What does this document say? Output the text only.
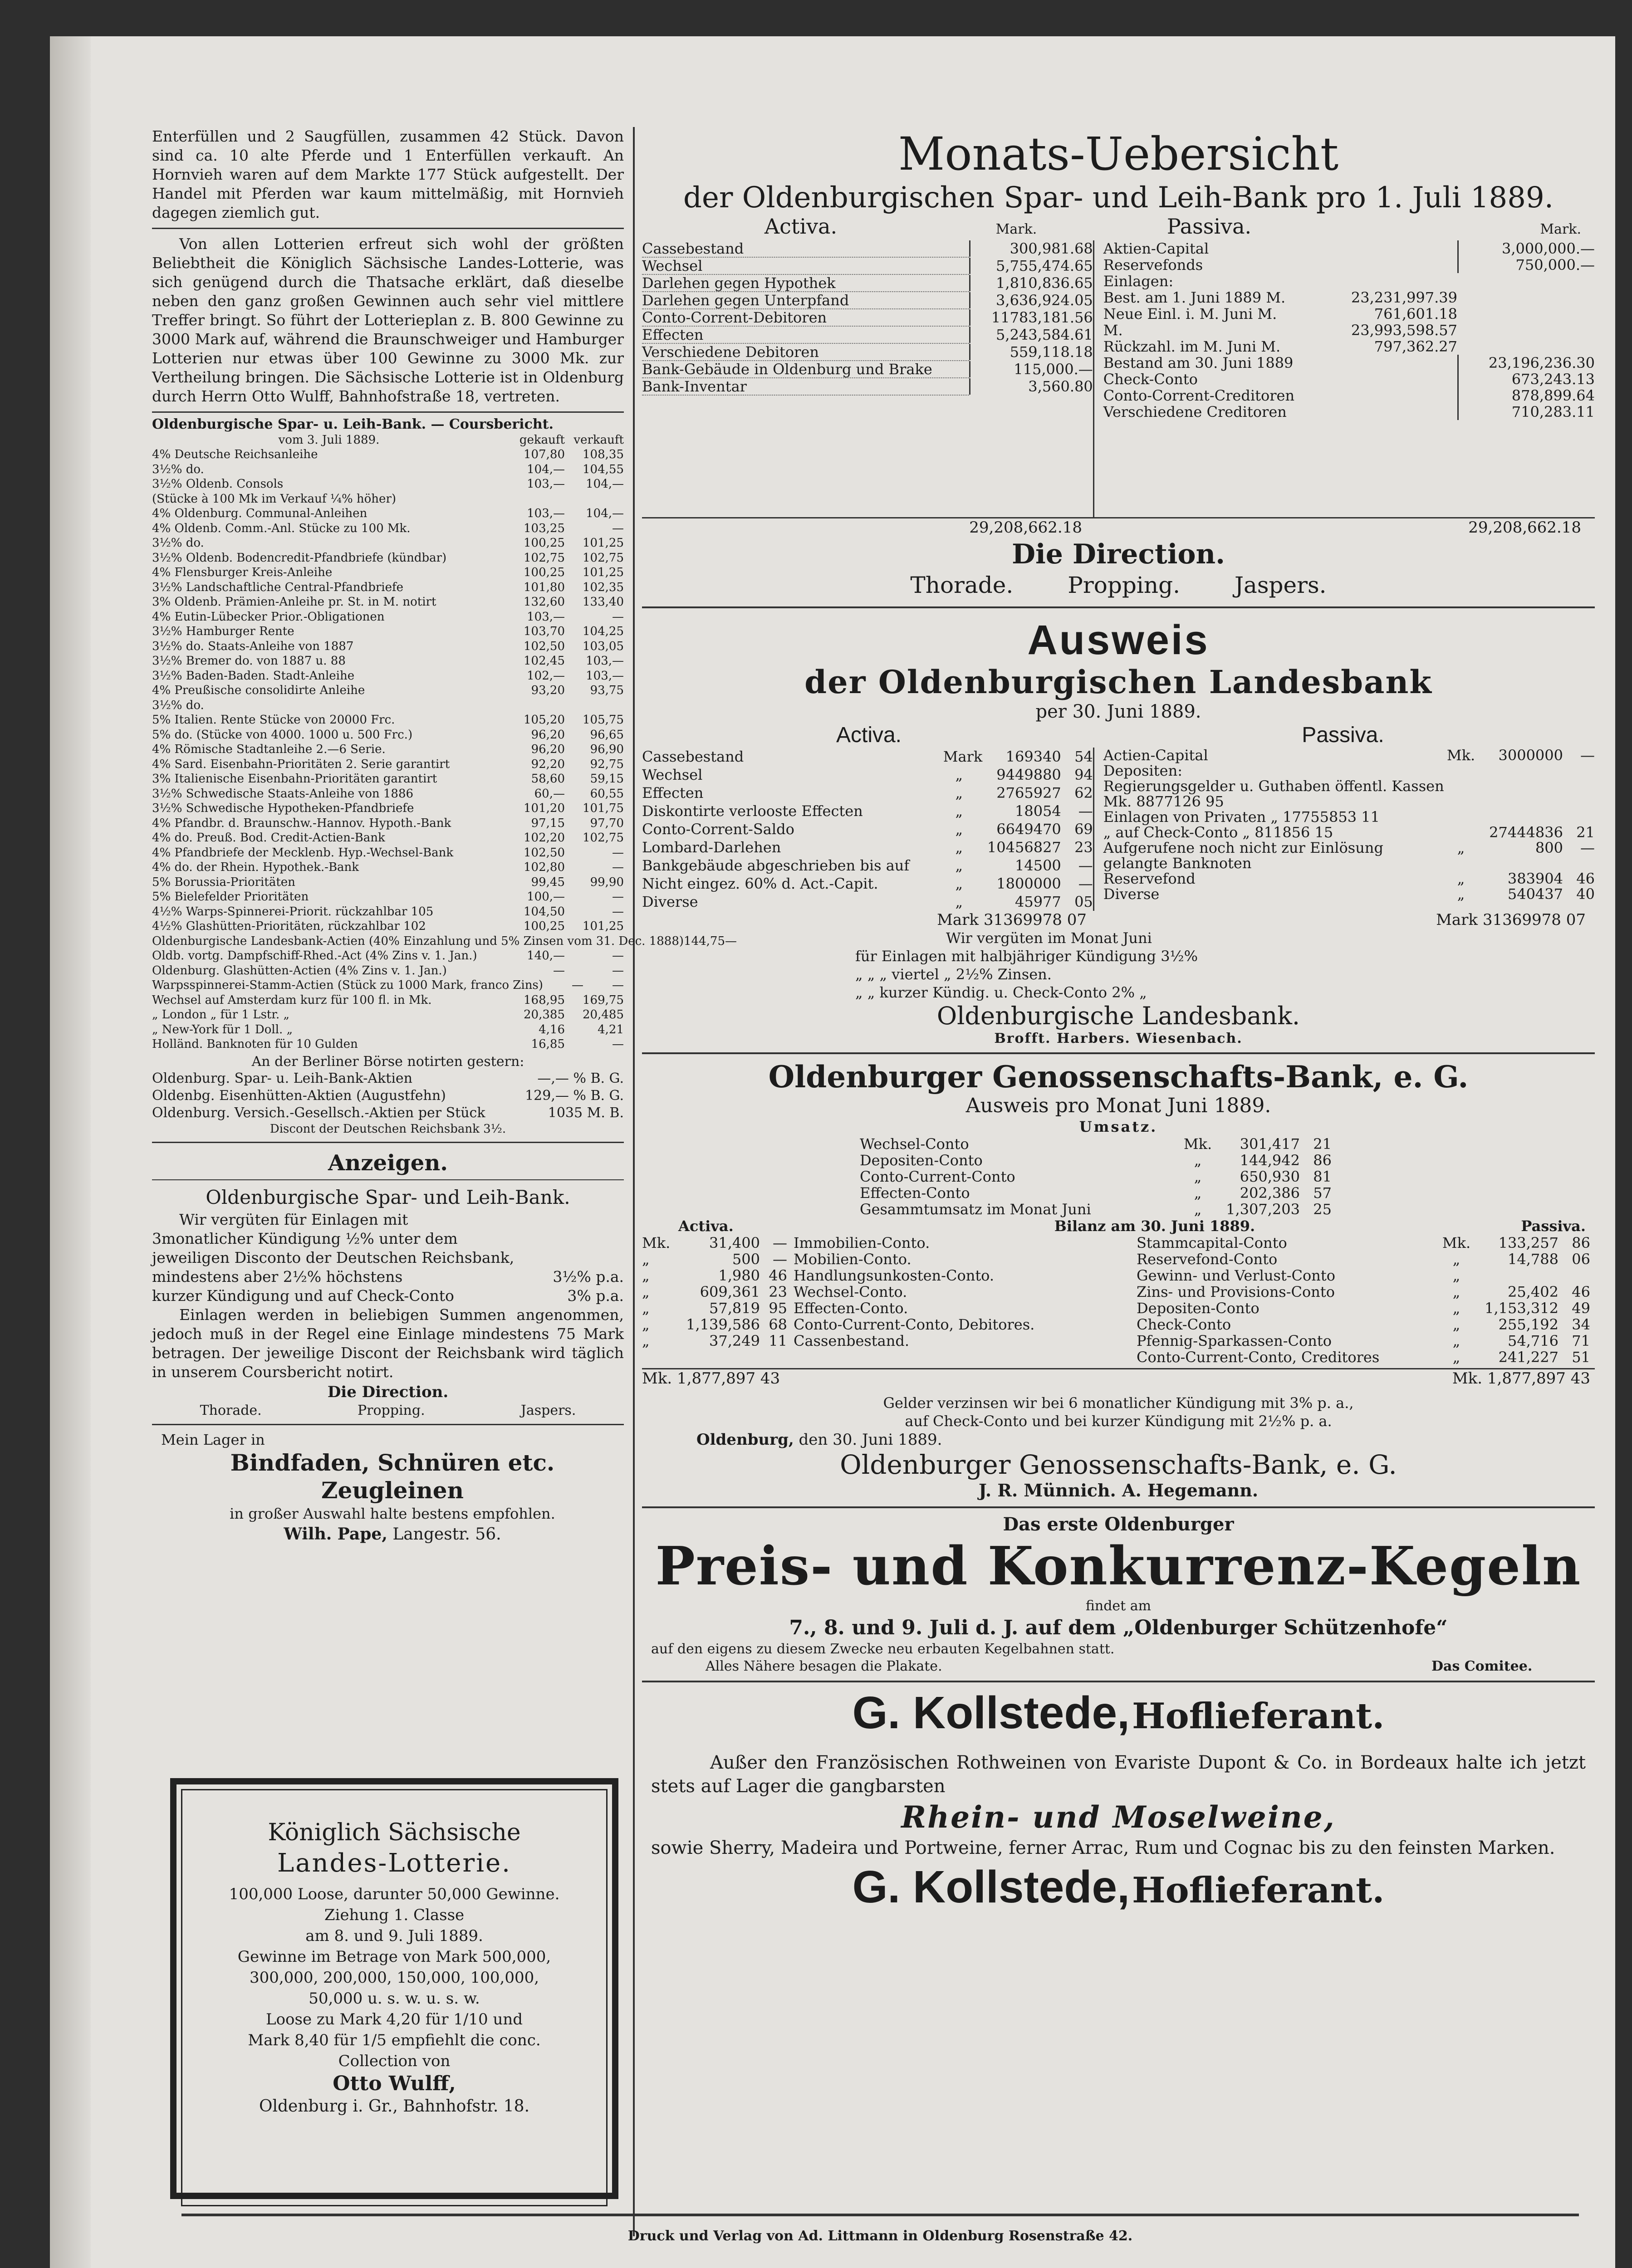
Enterfüllen und 2 Saugfüllen, zusammen 42 Stück. Davon sind ca. 10 alte Pferde und 1 Enterfüllen verkauft. An Hornvieh waren auf dem Markte 177 Stück aufgestellt. Der Handel mit Pferden war kaum mittelmäßig, mit Hornvieh dagegen ziemlich gut.

Von allen Lotterien erfreut sich wohl der größten Beliebtheit die Königlich Sächsische Landes-Lotterie, was sich genügend durch die Thatsache erklärt, daß dieselbe neben den ganz großen Gewinnen auch sehr viel mittlere Treffer bringt. So führt der Lotterieplan z. B. 800 Gewinne zu 3000 Mark auf, während die Braunschweiger und Hamburger Lotterien nur etwas über 100 Gewinne zu 3000 Mk. zur Vertheilung bringen. Die Sächsische Lotterie ist in Oldenburg durch Herrn Otto Wulff, Bahnhofstraße 18, vertreten.

Oldenburgische Spar- u. Leih-Bank. — Coursbericht.
vom 3. Juli 1889.	gekauft verkauft
4% Deutsche Reichsanleihe	107,80	108,35
3½% do.	104,—	104,55
3½% Oldenb. Consols	103,—	104,—
(Stücke à 100 Mk im Verkauf ¼% höher)
4% Oldenburg. Communal-Anleihen	103,—	104,—
4% Oldenb. Comm.-Anl. Stücke zu 100 Mk.	103,25	—
3½% do.	100,25	101,25
3½% Oldenb. Bodencredit-Pfandbriefe (kündbar)	102,75	102,75
4% Flensburger Kreis-Anleihe	100,25	101,25
3½% Landschaftliche Central-Pfandbriefe	101,80	102,35
3% Oldenb. Prämien-Anleihe pr. St. in M. notirt	132,60	133,40
4% Eutin-Lübecker Prior.-Obligationen	103,—	—
3½% Hamburger Rente	103,70	104,25
3½% do. Staats-Anleihe von 1887	102,50	103,05
3½% Bremer do. von 1887 u. 88	102,45	103,—
3½% Baden-Baden. Stadt-Anleihe	102,—	103,—
4% Preußische consolidirte Anleihe	93,20	93,75
3½% do.
5% Italien. Rente Stücke von 20000 Frc.	105,20	105,75
5% do. (Stücke von 4000. 1000 u. 500 Frc.)	96,20	96,65
4% Römische Stadtanleihe 2.—6 Serie.	96,20	96,90
4% Sard. Eisenbahn-Prioritäten 2. Serie garantirt	92,20	92,75
3% Italienische Eisenbahn-Prioritäten garantirt	58,60	59,15
3½% Schwedische Staats-Anleihe von 1886	60,—	60,55
3½% Schwedische Hypotheken-Pfandbriefe	101,20	101,75
4% Pfandbr. d. Braunschw.-Hannov. Hypoth.-Bank	97,15	97,70
4% do. Preuß. Bod. Credit-Actien-Bank	102,20	102,75
4% Pfandbriefe der Mecklenb. Hyp.-Wechsel-Bank	102,50	—
4% do. der Rhein. Hypothek.-Bank	102,80	—
5% Borussia-Prioritäten	99,45	99,90
5% Bielefelder Prioritäten	100,—	—
4½% Warps-Spinnerei-Priorit. rückzahlbar 105	104,50	—
4½% Glashütten-Prioritäten, rückzahlbar 102	100,25	101,25
Oldenburgische Landesbank-Actien (40% Einzahlung und 5% Zinsen vom 31. Dec. 1888) 144,75 —
Oldb. vortg. Dampfschiff-Rhed.-Act (4% Zins v. 1. Jan.)	140,—	—
Oldenburg. Glashütten-Actien (4% Zins v. 1. Jan.)	—	—
Warpsspinnerei-Stamm-Actien (Stück zu 1000 Mark, franco Zins)	—	—
Wechsel auf Amsterdam kurz für 100 fl. in Mk.	168,95	169,75
„ London „ für 1 Lstr. „	20,385	20,485
„ New-York für 1 Doll. „	4,16	4,21
Holländ. Banknoten für 10 Gulden	16,85	—
An der Berliner Börse notirten gestern:
Oldenburg. Spar- u. Leih-Bank-Aktien	—,— % B. G.
Oldenbg. Eisenhütten-Aktien (Augustfehn)	129,— % B. G.
Oldenburg. Versich.-Gesellsch.-Aktien per Stück	1035 M. B.
Discont der Deutschen Reichsbank 3½.
Anzeigen.
Oldenburgische Spar- und Leih-Bank.
Wir vergüten für Einlagen mit
3monatlicher Kündigung ½% unter dem jeweiligen Disconto der Deutschen Reichsbank, mindestens aber 2½% höchstens	3½% p.a.
kurzer Kündigung und auf Check-Conto	3% p.a.

Einlagen werden in beliebigen Summen angenommen, jedoch muß in der Regel eine Einlage mindestens 75 Mark betragen. Der jeweilige Discont der Reichsbank wird täglich in unserem Coursbericht notirt.

Die Direction.
Thorade.	Propping.	Jaspers.
Mein Lager in
Bindfaden, Schnüren etc.
Zeugleinen
in großer Auswahl halte bestens empfohlen.
Wilh. Pape, Langestr. 56.
Königlich Sächsische
Landes-Lotterie.
100,000 Loose, darunter 50,000 Gewinne.
Ziehung 1. Classe
am 8. und 9. Juli 1889.
Gewinne im Betrage von Mark 500,000,
300,000, 200,000, 150,000, 100,000,
50,000 u. s. w. u. s. w.
Loose zu Mark 4,20 für 1/10 und
Mark 8,40 für 1/5 empfiehlt die conc.
Collection von
Otto Wulff,
Oldenburg i. Gr., Bahnhofstr. 18.
Monats-Uebersicht
der Oldenburgischen Spar- und Leih-Bank pro 1. Juli 1889.
Activa.	Mark.	Passiva.	Mark.
Cassebestand	300,981.68
Wechsel	5,755,474.65
Darlehen gegen Hypothek	1,810,836.65
Darlehen gegen Unterpfand	3,636,924.05
Conto-Corrent-Debitoren	11783,181.56
Effecten	5,243,584.61
Verschiedene Debitoren	559,118.18
Bank-Gebäude in Oldenburg und Brake	115,000.—
Bank-Inventar	3,560.80
Aktien-Capital	3,000,000.—
Reservefonds	750,000.—
Einlagen:
Best. am 1. Juni 1889 M.	23,231,997.39
Neue Einl. i. M. Juni M.	761,601.18
M.	23,993,598.57
Rückzahl. im M. Juni M.	797,362.27
Bestand am 30. Juni 1889	23,196,236.30
Check-Conto	673,243.13
Conto-Corrent-Creditoren	878,899.64
Verschiedene Creditoren	710,283.11
29,208,662.18	29,208,662.18
Die Direction.
Thorade. Propping. Jaspers.
Ausweis
der Oldenburgischen Landesbank
per 30. Juni 1889.
Activa.	Passiva.
Cassebestand	Mark	169340 54
Wechsel	„	9449880 94
Effecten	„	2765927 62
Diskontirte verlooste Effecten	„	18054	—
Conto-Corrent-Saldo	„	6649470 69
Lombard-Darlehen	„	10456827 23
Bankgebäude abgeschrieben bis auf	„	14500	—
Nicht eingez. 60% d. Act.-Capit.	„	1800000	—
Diverse	„	45977 05
Actien-Capital	Mk.	3000000	—
Depositen:
Regierungsgelder u. Guthaben öffentl. Kassen Mk. 8877126 95
Einlagen von Privaten „ 17755853 11
„ auf Check-Conto „ 811856 15	27444836 21
Aufgerufene noch nicht zur Einlösung gelangte Banknoten
„	800	—
Reservefond	„	383904 46
Diverse	„	540437 40
Mark 31369978 07	Mark 31369978 07
Wir vergüten im Monat Juni
für Einlagen mit halbjähriger Kündigung 3½%
„ „ „ viertel „ 2½% Zinsen.
„ „ kurzer Kündig. u. Check-Conto 2% „
Oldenburgische Landesbank.
Brofft. Harbers. Wiesenbach.
Oldenburger Genossenschafts-Bank, e. G.
Ausweis pro Monat Juni 1889.
Umsatz.
Wechsel-Conto	Mk.	301,417 21
Depositen-Conto	„	144,942 86
Conto-Current-Conto	„	650,930 81
Effecten-Conto	„	202,386 57
Gesammtumsatz im Monat Juni	„	1,307,203 25
Activa.	Bilanz am 30. Juni 1889.	Passiva.
Mk.	31,400 — Immobilien-Conto.
„	500 — Mobilien-Conto.
„	1,980 46 Handlungsunkosten-Conto.
„	609,361 23 Wechsel-Conto.
„	57,819 95 Effecten-Conto.
„	1,139,586 68 Conto-Current-Conto, Debitores.
„	37,249 11 Cassenbestand.
Stammcapital-Conto	Mk.	133,257 86
Reservefond-Conto	„	14,788 06
Gewinn- und Verlust-Conto	„
Zins- und Provisions-Conto	„	25,402 46
Depositen-Conto	„	1,153,312 49
Check-Conto	„	255,192 34
Pfennig-Sparkassen-Conto	„	54,716 71
Conto-Current-Conto, Creditores	„	241,227 51
Mk. 1,877,897 43	Mk. 1,877,897 43
Gelder verzinsen wir bei 6 monatlicher Kündigung mit 3% p. a.,
auf Check-Conto und bei kurzer Kündigung mit 2½% p. a.
Oldenburg, den 30. Juni 1889.
Oldenburger Genossenschafts-Bank, e. G.
J. R. Münnich. A. Hegemann.
Das erste Oldenburger
Preis- und Konkurrenz-Kegeln
findet am
7., 8. und 9. Juli d. J. auf dem „Oldenburger Schützenhofe“
auf den eigens zu diesem Zwecke neu erbauten Kegelbahnen statt.
Alles Nähere besagen die Plakate.	Das Comitee.
G. Kollstede, Hoflieferant.

Außer den Französischen Rothweinen von Evariste Dupont & Co. in Bordeaux halte ich jetzt stets auf Lager die gangbarsten

Rhein- und Moselweine,

sowie Sherry, Madeira und Portweine, ferner Arrac, Rum und Cognac bis zu den feinsten Marken.

G. Kollstede, Hoflieferant.
Druck und Verlag von Ad. Littmann in Oldenburg Rosenstraße 42.
